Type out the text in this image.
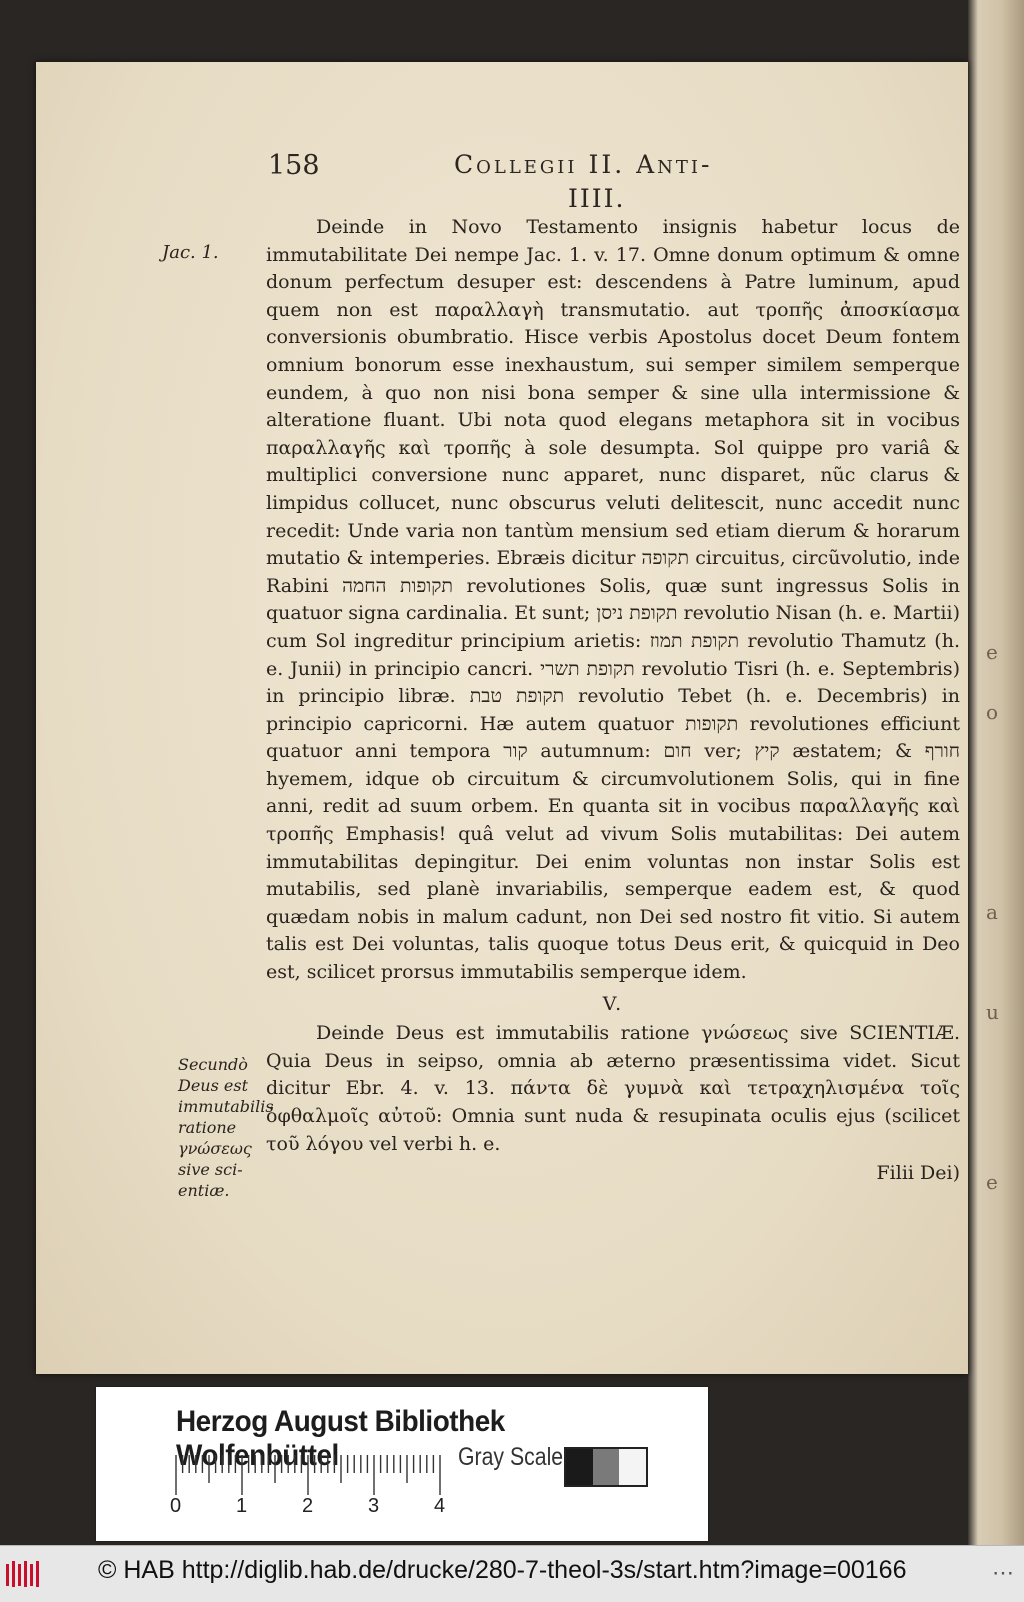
e
o
a
u
e
158	Collegii II. Anti-
IIII.
Jac. 1.
Secundò Deus est immutabilis ratione γνώσεως sive sci-entiæ.

Deinde in Novo Testamento insignis habetur locus de immutabilitate Dei nempe Jac. 1. v. 17. Omne donum optimum & omne donum perfectum desuper est: descendens à Patre luminum, apud quem non est παραλλαγὴ transmutatio. aut τροπῆς ἀποσκίασμα conversionis obumbratio. Hisce verbis Apostolus docet Deum fontem omnium bonorum esse inexhaustum, sui semper similem semperque eundem, à quo non nisi bona semper & sine ulla intermissione & alteratione fluant. Ubi nota quod elegans metaphora sit in vocibus παραλλαγῆς καὶ τροπῆς à sole desumpta. Sol quippe pro variâ & multiplici conversione nunc apparet, nunc disparet, nũc clarus & limpidus collucet, nunc obscurus veluti delitescit, nunc accedit nunc recedit: Unde varia non tantùm mensium sed etiam dierum & horarum mutatio & intemperies. Ebræis dicitur תקופה circuitus, circũvolutio, inde Rabini תקופות החמה revolutiones Solis, quæ sunt ingressus Solis in quatuor signa cardinalia. Et sunt; תקופת ניסן revolutio Nisan (h. e. Martii) cum Sol ingreditur principium arietis: תקופת תמוז revolutio Thamutz (h. e. Junii) in principio cancri. תקופת תשרי revolutio Tisri (h. e. Septembris) in principio libræ. תקופת טבת revolutio Tebet (h. e. Decembris) in principio capricorni. Hæ autem quatuor תקופות revolutiones efficiunt quatuor anni tempora קור autumnum: חום ver; קיץ æstatem; & חורף hyemem, idque ob circuitum & circumvolutionem Solis, qui in fine anni, redit ad suum orbem. En quanta sit in vocibus παραλλαγῆς καὶ τροπῆς Emphasis! quâ velut ad vivum Solis mutabilitas: Dei autem immutabilitas depingitur. Dei enim voluntas non instar Solis est mutabilis, sed planè invariabilis, semperque eadem est, & quod quædam nobis in malum cadunt, non Dei sed nostro fit vitio. Si autem talis est Dei voluntas, talis quoque totus Deus erit, & quicquid in Deo est, scilicet prorsus immutabilis semperque idem.

V.

Deinde Deus est immutabilis ratione γνώσεως sive SCIENTIÆ. Quia Deus in seipso, omnia ab æterno præsentissima videt. Sicut dicitur Ebr. 4. v. 13. πάντα δὲ γυμνὰ καὶ τετραχηλισμένα τοῖς ὀφθαλμοῖς αὐτοῦ: Omnia sunt nuda & resupinata oculis ejus (scilicet τοῦ λόγου vel verbi h. e.

Filii Dei)
Herzog August Bibliothek Wolfenbüttel
0	1	2	3	4
Gray Scale
© HAB http://diglib.hab.de/drucke/280-7-theol-3s/start.htm?image=00166	⋯
